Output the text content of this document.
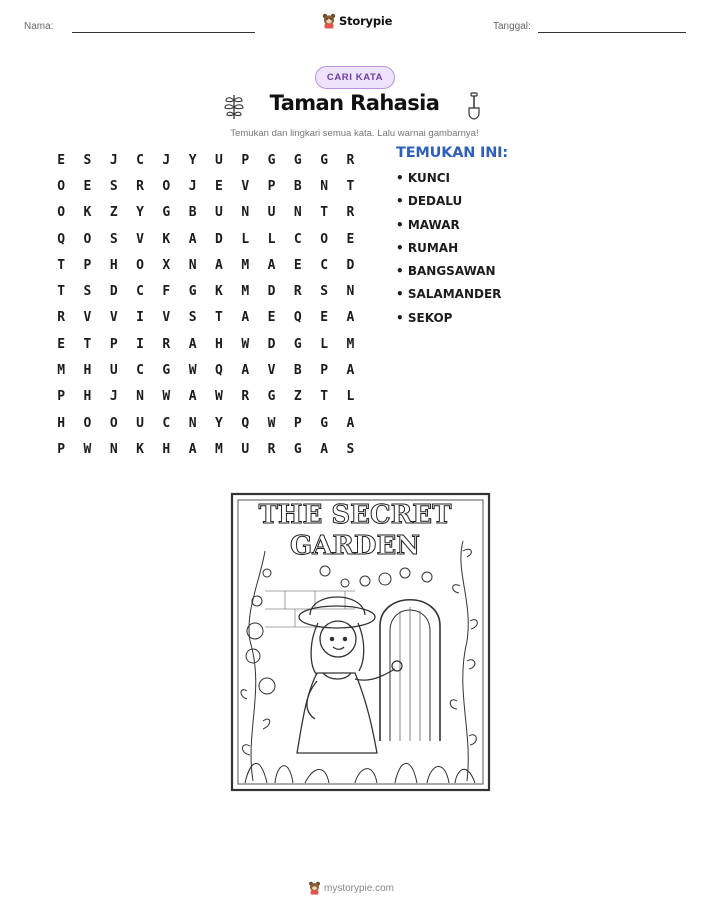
Nama:	Storypie	Tanggal:
CARI KATA
Taman Rahasia
Temukan dan lingkari semua kata. Lalu warnai gambarnya!
E	S	J	C	J	Y	U	P	G	G	G	R
O	E	S	R	O	J	E	V	P	B	N	T
O	K	Z	Y	G	B	U	N	U	N	T	R
Q	O	S	V	K	A	D	L	L	C	O	E
T	P	H	O	X	N	A	M	A	E	C	D
T	S	D	C	F	G	K	M	D	R	S	N
R	V	V	I	V	S	T	A	E	Q	E	A
E	T	P	I	R	A	H	W	D	G	L	M
M	H	U	C	G	W	Q	A	V	B	P	A
P	H	J	N	W	A	W	R	G	Z	T	L
H	O	O	U	C	N	Y	Q	W	P	G	A
P	W	N	K	H	A	M	U	R	G	A	S
TEMUKAN INI:
• KUNCI
• DEDALU
• MAWAR
• RUMAH
• BANGSAWAN
• SALAMANDER
• SEKOP
THE SECRET
GARDEN
mystorypie.com
